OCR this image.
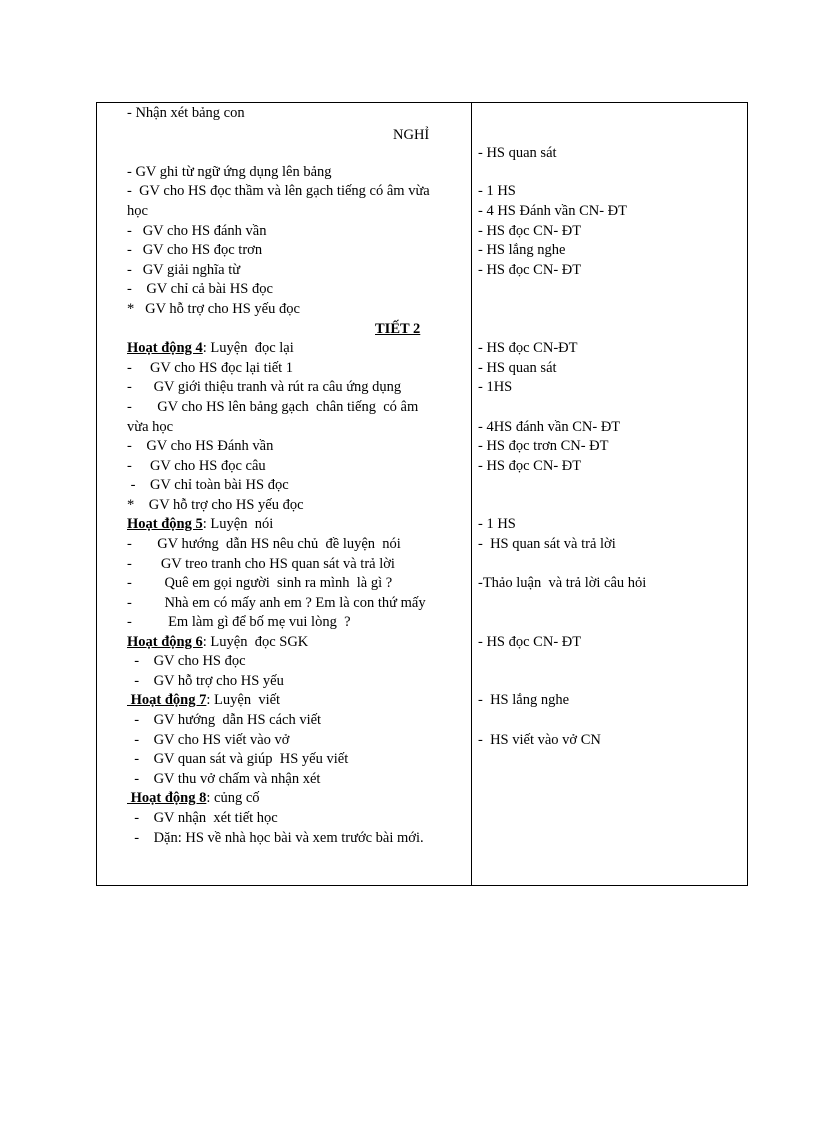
- Nhận xét bảng con
NGHỈ
- GV ghi từ ngữ ứng dụng lên bảng
-  GV cho HS đọc thầm và lên gạch tiếng có âm vừa
học
-   GV cho HS đánh vần
-   GV cho HS đọc trơn
-   GV giải nghĩa từ
-    GV chỉ cả bài HS đọc
*   GV hỗ trợ cho HS yếu đọc
TIẾT 2
Hoạt động 4: Luyện  đọc lại
-     GV cho HS đọc lại tiết 1
-      GV giới thiệu tranh và rút ra câu ứng dụng
-       GV cho HS lên bảng gạch  chân tiếng  có âm
vừa học
-    GV cho HS Đánh vần
-     GV cho HS đọc câu
-    GV chỉ toàn bài HS đọc
*    GV hỗ trợ cho HS yếu đọc
Hoạt động 5: Luyện  nói
-       GV hướng  dẫn HS nêu chủ  đề luyện  nói
-        GV treo tranh cho HS quan sát và trả lời
-         Quê em gọi người  sinh ra mình  là gì ?
-         Nhà em có mấy anh em ? Em là con thứ mấy
-          Em làm gì để bố mẹ vui lòng  ?
Hoạt động 6: Luyện  đọc SGK
-    GV cho HS đọc
-    GV hỗ trợ cho HS yếu
Hoạt động 7: Luyện  viết
-    GV hướng  dẫn HS cách viết
-    GV cho HS viết vào vở
-    GV quan sát và giúp  HS yếu viết
-    GV thu vở chấm và nhận xét
Hoạt động 8: củng cố
-    GV nhận  xét tiết học
-    Dặn: HS về nhà học bài và xem trước bài mới.
- HS quan sát
- 1 HS
- 4 HS Đánh vần CN- ĐT
- HS đọc CN- ĐT
- HS lắng nghe
- HS đọc CN- ĐT
- HS đọc CN-ĐT
- HS quan sát
- 1HS
- 4HS đánh vần CN- ĐT
- HS đọc trơn CN- ĐT
- HS đọc CN- ĐT
- 1 HS
-  HS quan sát và trả lời
-Thảo luận  và trả lời câu hỏi
- HS đọc CN- ĐT
-  HS lắng nghe
-  HS viết vào vở CN
